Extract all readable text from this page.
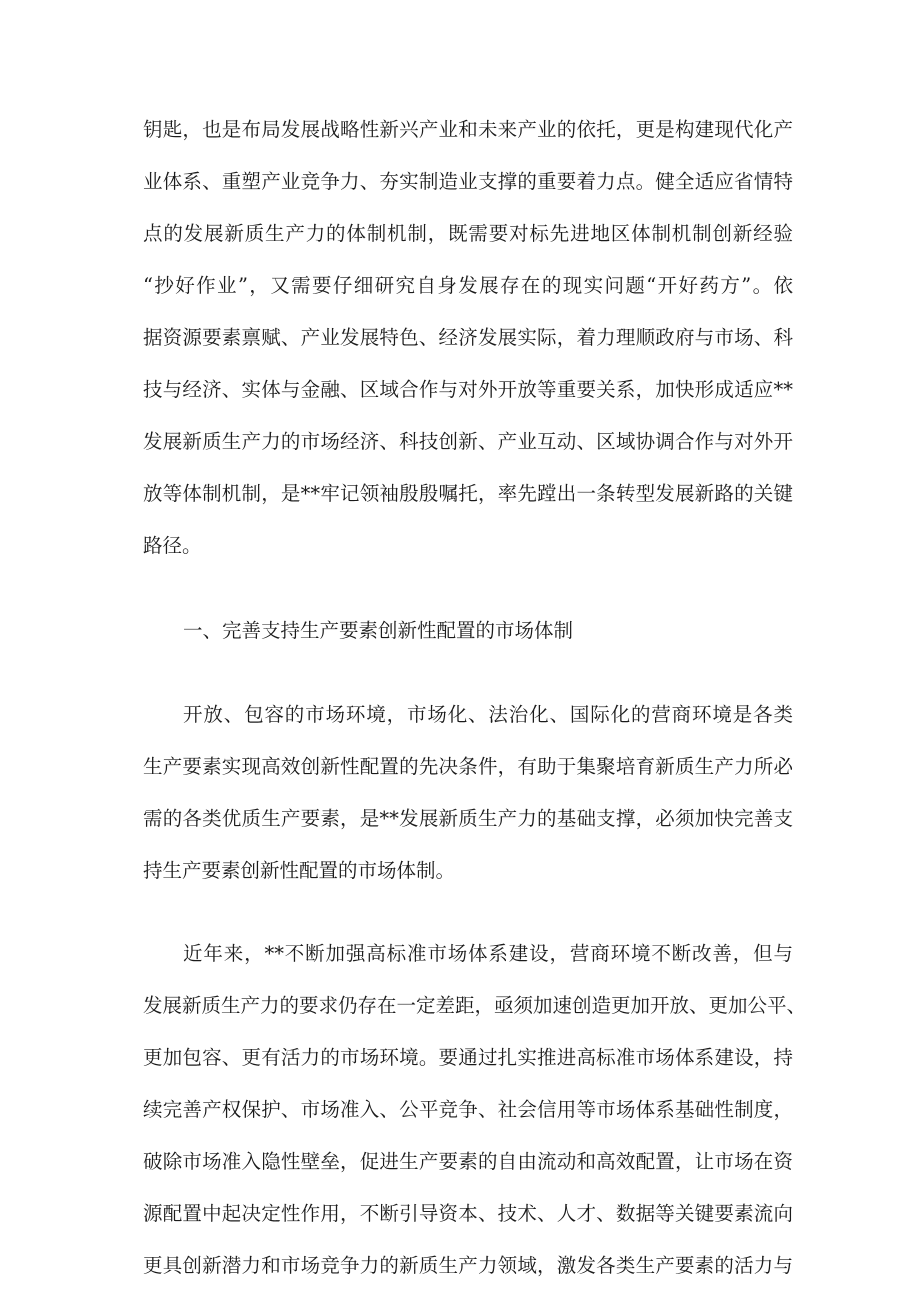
钥匙，也是布局发展战略性新兴产业和未来产业的依托，更是构建现代化产
业体系、重塑产业竞争力、夯实制造业支撑的重要着力点。健全适应省情特
点的发展新质生产力的体制机制，既需要对标先进地区体制机制创新经验
“抄好作业”，又需要仔细研究自身发展存在的现实问题“开好药方”。依
据资源要素禀赋、产业发展特色、经济发展实际，着力理顺政府与市场、科
技与经济、实体与金融、区域合作与对外开放等重要关系，加快形成适应**
发展新质生产力的市场经济、科技创新、产业互动、区域协调合作与对外开
放等体制机制，是**牢记领袖殷殷嘱托，率先蹚出一条转型发展新路的关键
路径。
一、完善支持生产要素创新性配置的市场体制
开放、包容的市场环境，市场化、法治化、国际化的营商环境是各类
生产要素实现高效创新性配置的先决条件，有助于集聚培育新质生产力所必
需的各类优质生产要素，是**发展新质生产力的基础支撑，必须加快完善支
持生产要素创新性配置的市场体制。
近年来，**不断加强高标准市场体系建设，营商环境不断改善，但与
发展新质生产力的要求仍存在一定差距，亟须加速创造更加开放、更加公平、
更加包容、更有活力的市场环境。要通过扎实推进高标准市场体系建设，持
续完善产权保护、市场准入、公平竞争、社会信用等市场体系基础性制度，
破除市场准入隐性壁垒，促进生产要素的自由流动和高效配置，让市场在资
源配置中起决定性作用，不断引导资本、技术、人才、数据等关键要素流向
更具创新潜力和市场竞争力的新质生产力领域，激发各类生产要素的活力与
